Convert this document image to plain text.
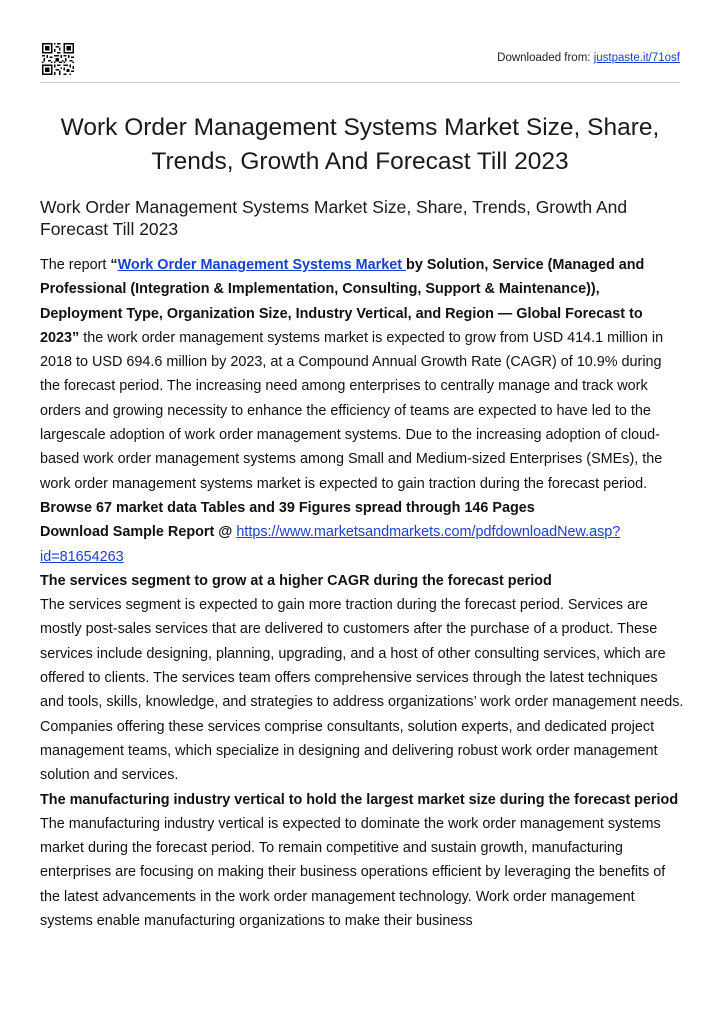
Downloaded from: justpaste.it/71osf
Work Order Management Systems Market Size, Share, Trends, Growth And Forecast Till 2023
Work Order Management Systems Market Size, Share, Trends, Growth And Forecast Till 2023

The report “Work Order Management Systems Market by Solution, Service (Managed and Professional (Integration & Implementation, Consulting, Support & Maintenance)), Deployment Type, Organization Size, Industry Vertical, and Region — Global Forecast to 2023” the work order management systems market is expected to grow from USD 414.1 million in 2018 to USD 694.6 million by 2023, at a Compound Annual Growth Rate (CAGR) of 10.9% during the forecast period. The increasing need among enterprises to centrally manage and track work orders and growing necessity to enhance the efficiency of teams are expected to have led to the largescale adoption of work order management systems. Due to the increasing adoption of cloud-based work order management systems among Small and Medium-sized Enterprises (SMEs), the work order management systems market is expected to gain traction during the forecast period.

Browse 67 market data Tables and 39 Figures spread through 146 Pages

Download Sample Report @ https://www.marketsandmarkets.com/pdfdownloadNew.asp?id=81654263

The services segment to grow at a higher CAGR during the forecast period

The services segment is expected to gain more traction during the forecast period. Services are mostly post-sales services that are delivered to customers after the purchase of a product. These services include designing, planning, upgrading, and a host of other consulting services, which are offered to clients. The services team offers comprehensive services through the latest techniques and tools, skills, knowledge, and strategies to address organizations’ work order management needs. Companies offering these services comprise consultants, solution experts, and dedicated project management teams, which specialize in designing and delivering robust work order management solution and services.

The manufacturing industry vertical to hold the largest market size during the forecast period

The manufacturing industry vertical is expected to dominate the work order management systems market during the forecast period. To remain competitive and sustain growth, manufacturing enterprises are focusing on making their business operations efficient by leveraging the benefits of the latest advancements in the work order management technology. Work order management systems enable manufacturing organizations to make their business
